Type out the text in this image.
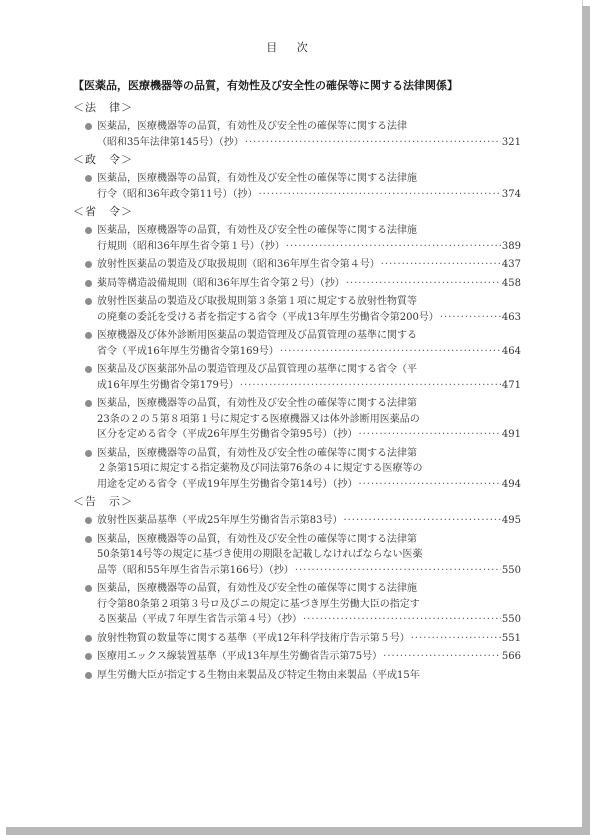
目 次
【医薬品，医療機器等の品質，有効性及び安全性の確保等に関する法律関係】
＜法　律＞
医薬品，医療機器等の品質，有効性及び安全性の確保等に関する法律
（昭和35年法律第145号）（抄） ·····	321
＜政　令＞
医薬品，医療機器等の品質，有効性及び安全性の確保等に関する法律施
行令（昭和36年政令第11号）（抄） ·····	374
＜省　令＞
医薬品，医療機器等の品質，有効性及び安全性の確保等に関する法律施
行規則（昭和36年厚生省令第１号）（抄） ·····	389
放射性医薬品の製造及び取扱規則（昭和36年厚生省令第４号） ·····	437
薬局等構造設備規則（昭和36年厚生省令第２号）（抄） ·····	458
放射性医薬品の製造及び取扱規則第３条第１項に規定する放射性物質等
の廃棄の委託を受ける者を指定する省令（平成13年厚生労働省令第200号） ·····	463
医療機器及び体外診断用医薬品の製造管理及び品質管理の基準に関する
省令（平成16年厚生労働省令第169号） ·····	464
医薬品及び医薬部外品の製造管理及び品質管理の基準に関する省令（平
成16年厚生労働省令第179号） ·····	471
医薬品，医療機器等の品質，有効性及び安全性の確保等に関する法律第
23条の２の５第８項第１号に規定する医療機器又は体外診断用医薬品の
区分を定める省令（平成26年厚生労働省令第95号）（抄） ·····	491
医薬品，医療機器等の品質，有効性及び安全性の確保等に関する法律第
２条第15項に規定する指定薬物及び同法第76条の４に規定する医療等の
用途を定める省令（平成19年厚生労働省令第14号）（抄） ·····	494
＜告　示＞
放射性医薬品基準（平成25年厚生労働省告示第83号） ·····	495
医薬品，医療機器等の品質，有効性及び安全性の確保等に関する法律第
50条第14号等の規定に基づき使用の期限を記載しなければならない医薬
品等（昭和55年厚生省告示第166号）（抄） ·····	550
医薬品，医療機器等の品質，有効性及び安全性の確保等に関する法律施
行令第80条第２項第３号ロ及びニの規定に基づき厚生労働大臣の指定す
る医薬品（平成７年厚生省告示第４号）（抄） ·····	550
放射性物質の数量等に関する基準（平成12年科学技術庁告示第５号） ·····	551
医療用エックス線装置基準（平成13年厚生労働省告示第75号） ·····	566
厚生労働大臣が指定する生物由来製品及び特定生物由来製品（平成15年
